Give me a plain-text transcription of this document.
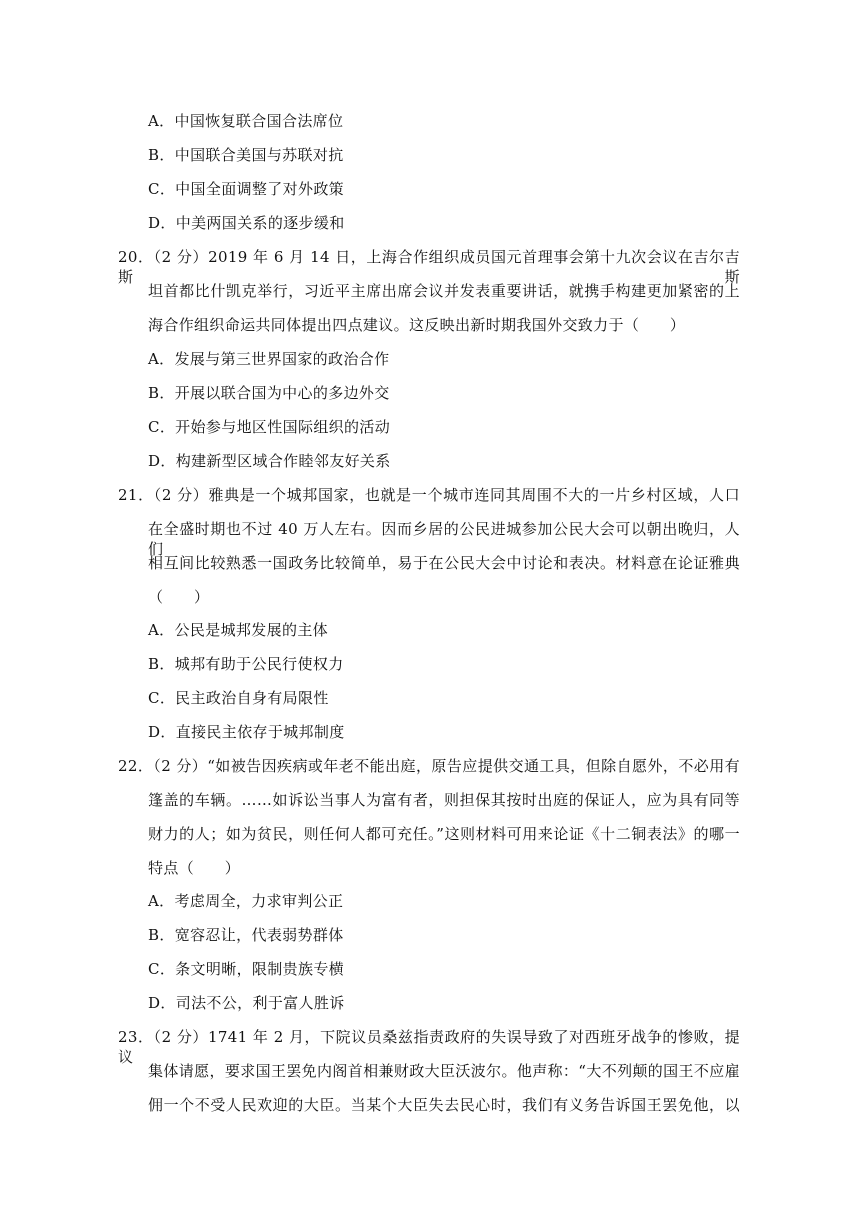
A．中国恢复联合国合法席位
B．中国联合美国与苏联对抗
C．中国全面调整了对外政策
D．中美两国关系的逐步缓和
20．（2 分）2019 年 6 月 14 日，上海合作组织成员国元首理事会第十九次会议在吉尔吉斯斯
坦首都比什凯克举行，习近平主席出席会议并发表重要讲话，就携手构建更加紧密的上
海合作组织命运共同体提出四点建议。这反映出新时期我国外交致力于（　　）
A．发展与第三世界国家的政治合作
B．开展以联合国为中心的多边外交
C．开始参与地区性国际组织的活动
D．构建新型区域合作睦邻友好关系
21．（2 分）雅典是一个城邦国家，也就是一个城市连同其周围不大的一片乡村区域，人口
在全盛时期也不过 40 万人左右。因而乡居的公民进城参加公民大会可以朝出晚归，人们
相互间比较熟悉一国政务比较简单，易于在公民大会中讨论和表决。材料意在论证雅典
（　　）
A．公民是城邦发展的主体
B．城邦有助于公民行使权力
C．民主政治自身有局限性
D．直接民主依存于城邦制度
22．（2 分）“如被告因疾病或年老不能出庭，原告应提供交通工具，但除自愿外，不必用有
篷盖的车辆。……如诉讼当事人为富有者，则担保其按时出庭的保证人，应为具有同等
财力的人；如为贫民，则任何人都可充任。”这则材料可用来论证《十二铜表法》的哪一
特点（　　）
A．考虑周全，力求审判公正
B．宽容忍让，代表弱势群体
C．条文明晰，限制贵族专横
D．司法不公，利于富人胜诉
23．（2 分）1741 年 2 月，下院议员桑兹指责政府的失误导致了对西班牙战争的惨败，提议
集体请愿，要求国王罢免内阁首相兼财政大臣沃波尔。他声称：“大不列颠的国王不应雇
佣一个不受人民欢迎的大臣。当某个大臣失去民心时，我们有义务告诉国王罢免他，以
